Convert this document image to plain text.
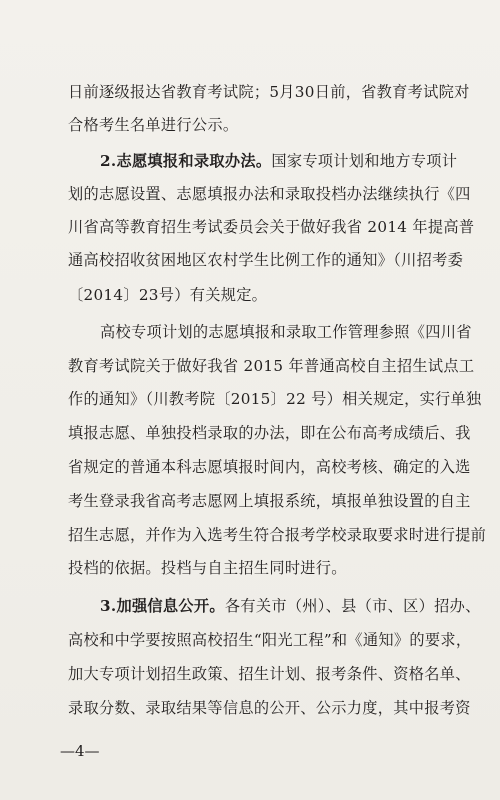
日前逐级报达省教育考试院；5月30日前，省教育考试院对
合格考生名单进行公示。
2.志愿填报和录取办法。国家专项计划和地方专项计
划的志愿设置、志愿填报办法和录取投档办法继续执行《四
川省高等教育招生考试委员会关于做好我省 2014 年提高普
通高校招收贫困地区农村学生比例工作的通知》（川招考委
〔2014〕23号）有关规定。
高校专项计划的志愿填报和录取工作管理参照《四川省
教育考试院关于做好我省 2015 年普通高校自主招生试点工
作的通知》（川教考院〔2015〕22 号）相关规定，实行单独
填报志愿、单独投档录取的办法，即在公布高考成绩后、我
省规定的普通本科志愿填报时间内，高校考核、确定的入选
考生登录我省高考志愿网上填报系统，填报单独设置的自主
招生志愿，并作为入选考生符合报考学校录取要求时进行提前
投档的依据。投档与自主招生同时进行。
3.加强信息公开。各有关市（州）、县（市、区）招办、
高校和中学要按照高校招生“阳光工程”和《通知》的要求，
加大专项计划招生政策、招生计划、报考条件、资格名单、
录取分数、录取结果等信息的公开、公示力度，其中报考资
—4—
